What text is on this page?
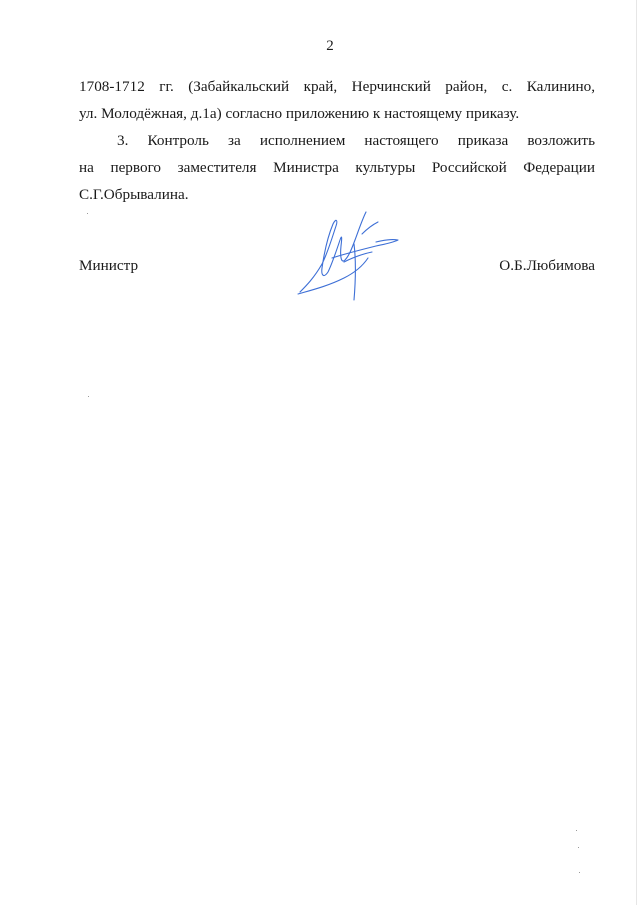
2
1708-1712 гг. (Забайкальский край, Нерчинский район, с. Калинино,
ул. Молодёжная, д.1а) согласно приложению к настоящему приказу.
3. Контроль за исполнением настоящего приказа возложить
на первого заместителя Министра культуры Российской Федерации
С.Г.Обрывалина.
Министр	О.Б.Любимова
